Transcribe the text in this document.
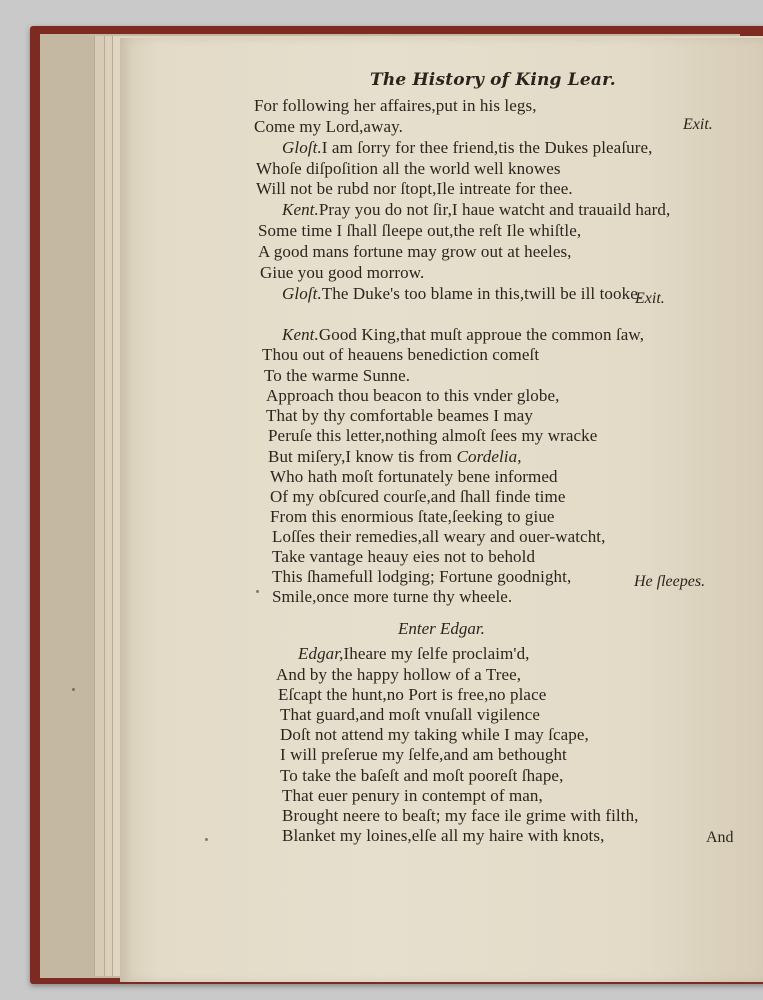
The History of King Lear.
For following her affaires,put in his legs,
Come my Lord,away.
Gloſt.I am ſorry for thee friend,tis the Dukes pleaſure,
Whoſe diſpoſition all the world well knowes
Will not be rubd nor ſtopt,Ile intreate for thee.
Kent.Pray you do not ſir,I haue watcht and trauaild hard,
Some time I ſhall ſleepe out,the reſt Ile whiſtle,
A good mans fortune may grow out at heeles,
Giue you good morrow.
Gloſt.The Duke's too blame in this,twill be ill tooke.
Kent.Good King,that muſt approue the common ſaw,
Thou out of heauens benediction comeſt
To the warme Sunne.
Approach thou beacon to this vnder globe,
That by thy comfortable beames I may
Peruſe this letter,nothing almoſt ſees my wracke
But miſery,I know tis from Cordelia,
Who hath moſt fortunately bene informed
Of my obſcured courſe,and ſhall finde time
From this enormious ſtate,ſeeking to giue
Loſſes their remedies,all weary and ouer-watcht,
Take vantage heauy eies not to behold
This ſhamefull lodging; Fortune goodnight,
Smile,once more turne thy wheele.
Edgar,Iheare my ſelfe proclaim'd,
And by the happy hollow of a Tree,
Eſcapt the hunt,no Port is free,no place
That guard,and moſt vnuſall vigilence
Doſt not attend my taking while I may ſcape,
I will preſerue my ſelfe,and am bethought
To take the baſeſt and moſt pooreſt ſhape,
That euer penury in contempt of man,
Brought neere to beaſt; my face ile grime with filth,
Blanket my loines,elſe all my haire with knots,
Exit.
Exit.
He ſleepes.
Enter Edgar.
And
